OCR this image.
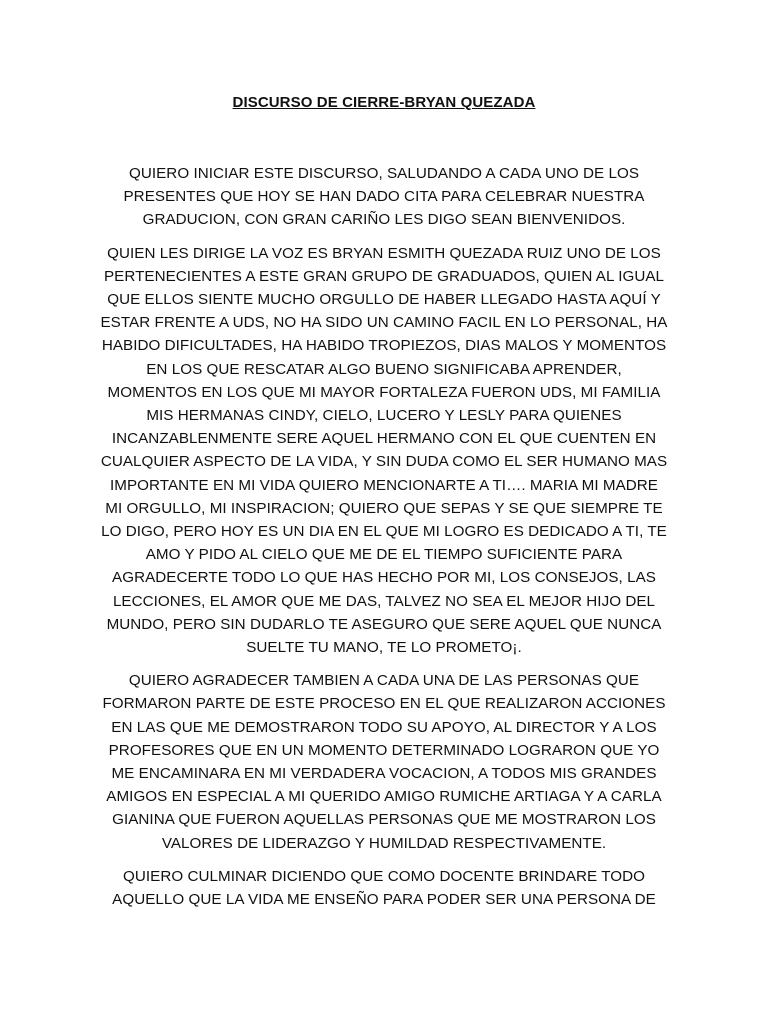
DISCURSO DE CIERRE-BRYAN QUEZADA

QUIERO INICIAR ESTE DISCURSO, SALUDANDO A CADA UNO DE LOS PRESENTES QUE HOY SE HAN DADO CITA PARA CELEBRAR NUESTRA GRADUCION, CON GRAN CARIÑO LES DIGO SEAN BIENVENIDOS.

QUIEN LES DIRIGE LA VOZ ES BRYAN ESMITH QUEZADA RUIZ UNO DE LOS PERTENECIENTES A ESTE GRAN GRUPO DE GRADUADOS, QUIEN AL IGUAL QUE ELLOS SIENTE MUCHO ORGULLO DE HABER LLEGADO HASTA AQUÍ Y ESTAR FRENTE A UDS, NO HA SIDO UN CAMINO FACIL EN LO PERSONAL, HA HABIDO DIFICULTADES, HA HABIDO TROPIEZOS, DIAS MALOS Y MOMENTOS EN LOS QUE RESCATAR ALGO BUENO SIGNIFICABA APRENDER, MOMENTOS EN LOS QUE MI MAYOR FORTALEZA FUERON UDS, MI FAMILIA MIS HERMANAS CINDY, CIELO, LUCERO Y LESLY PARA QUIENES INCANZABLENMENTE SERE AQUEL HERMANO CON EL QUE CUENTEN EN CUALQUIER ASPECTO DE LA VIDA, Y SIN DUDA COMO EL SER HUMANO MAS IMPORTANTE EN MI VIDA QUIERO MENCIONARTE A TI…. MARIA MI MADRE MI ORGULLO, MI INSPIRACION; QUIERO QUE SEPAS Y SE QUE SIEMPRE TE LO DIGO, PERO HOY ES UN DIA EN EL QUE MI LOGRO ES DEDICADO A TI, TE AMO Y PIDO AL CIELO QUE ME DE EL TIEMPO SUFICIENTE PARA AGRADECERTE TODO LO QUE HAS HECHO POR MI, LOS CONSEJOS, LAS LECCIONES, EL AMOR QUE ME DAS, TALVEZ NO SEA EL MEJOR HIJO DEL MUNDO, PERO SIN DUDARLO TE ASEGURO QUE SERE AQUEL QUE NUNCA SUELTE TU MANO, TE LO PROMETO¡.

QUIERO AGRADECER TAMBIEN A CADA UNA DE LAS PERSONAS QUE FORMARON PARTE DE ESTE PROCESO EN EL QUE REALIZARON ACCIONES EN LAS QUE ME DEMOSTRARON TODO SU APOYO, AL DIRECTOR Y A LOS PROFESORES QUE EN UN MOMENTO DETERMINADO LOGRARON QUE YO ME ENCAMINARA EN MI VERDADERA VOCACION, A TODOS MIS GRANDES AMIGOS EN ESPECIAL A MI QUERIDO AMIGO RUMICHE ARTIAGA Y A CARLA GIANINA QUE FUERON AQUELLAS PERSONAS QUE ME MOSTRARON LOS VALORES DE LIDERAZGO Y HUMILDAD RESPECTIVAMENTE.

QUIERO CULMINAR DICIENDO QUE COMO DOCENTE BRINDARE TODO AQUELLO QUE LA VIDA ME ENSEÑO PARA PODER SER UNA PERSONA DE
